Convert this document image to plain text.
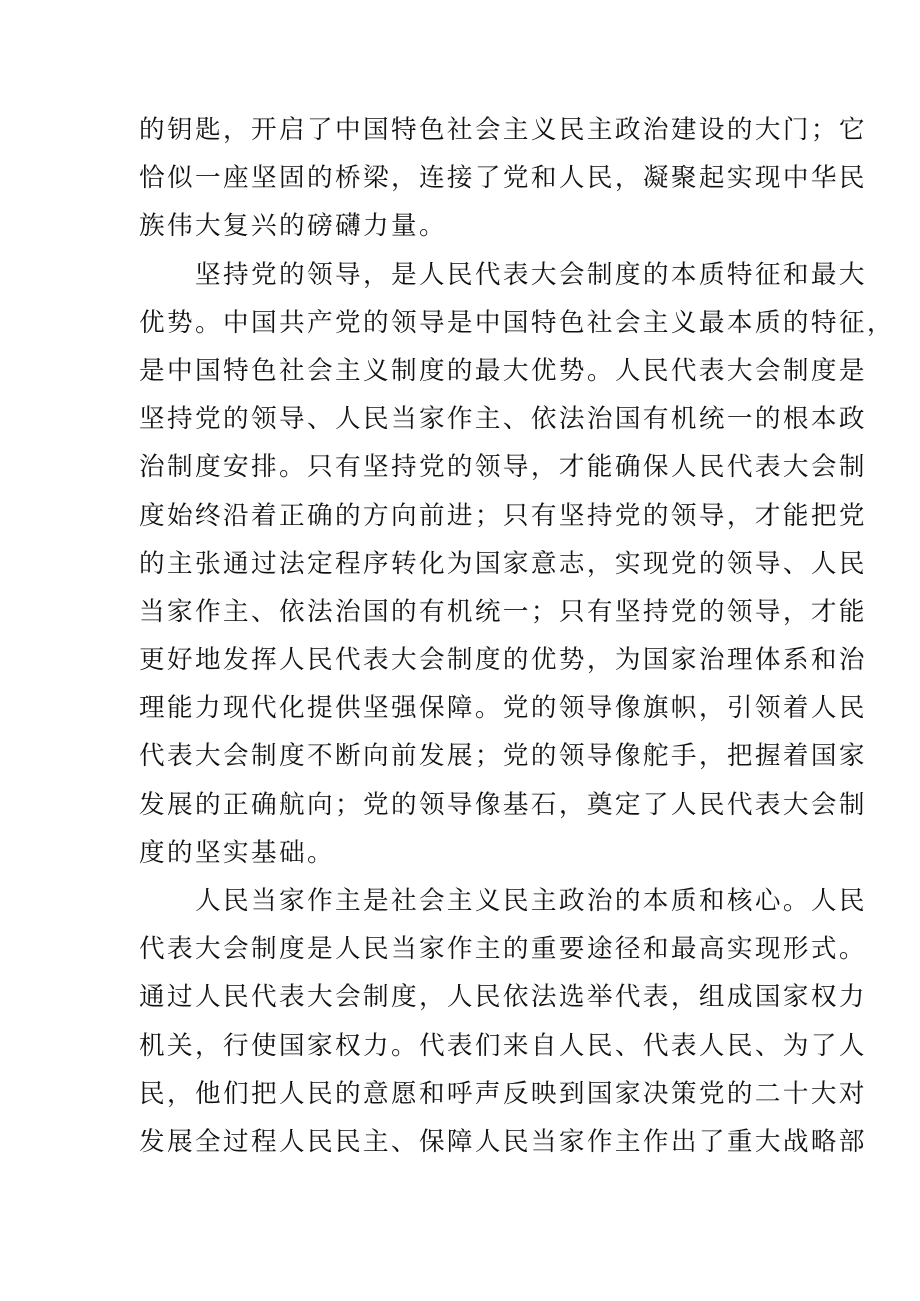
的钥匙，开启了中国特色社会主义民主政治建设的大门；它
恰似一座坚固的桥梁，连接了党和人民，凝聚起实现中华民
族伟大复兴的磅礴力量。
　　坚持党的领导，是人民代表大会制度的本质特征和最大
优势。中国共产党的领导是中国特色社会主义最本质的特征，
是中国特色社会主义制度的最大优势。人民代表大会制度是
坚持党的领导、人民当家作主、依法治国有机统一的根本政
治制度安排。只有坚持党的领导，才能确保人民代表大会制
度始终沿着正确的方向前进；只有坚持党的领导，才能把党
的主张通过法定程序转化为国家意志，实现党的领导、人民
当家作主、依法治国的有机统一；只有坚持党的领导，才能
更好地发挥人民代表大会制度的优势，为国家治理体系和治
理能力现代化提供坚强保障。党的领导像旗帜，引领着人民
代表大会制度不断向前发展；党的领导像舵手，把握着国家
发展的正确航向；党的领导像基石，奠定了人民代表大会制
度的坚实基础。
　　人民当家作主是社会主义民主政治的本质和核心。人民
代表大会制度是人民当家作主的重要途径和最高实现形式。
通过人民代表大会制度，人民依法选举代表，组成国家权力
机关，行使国家权力。代表们来自人民、代表人民、为了人
民，他们把人民的意愿和呼声反映到国家决策党的二十大对
发展全过程人民民主、保障人民当家作主作出了重大战略部
